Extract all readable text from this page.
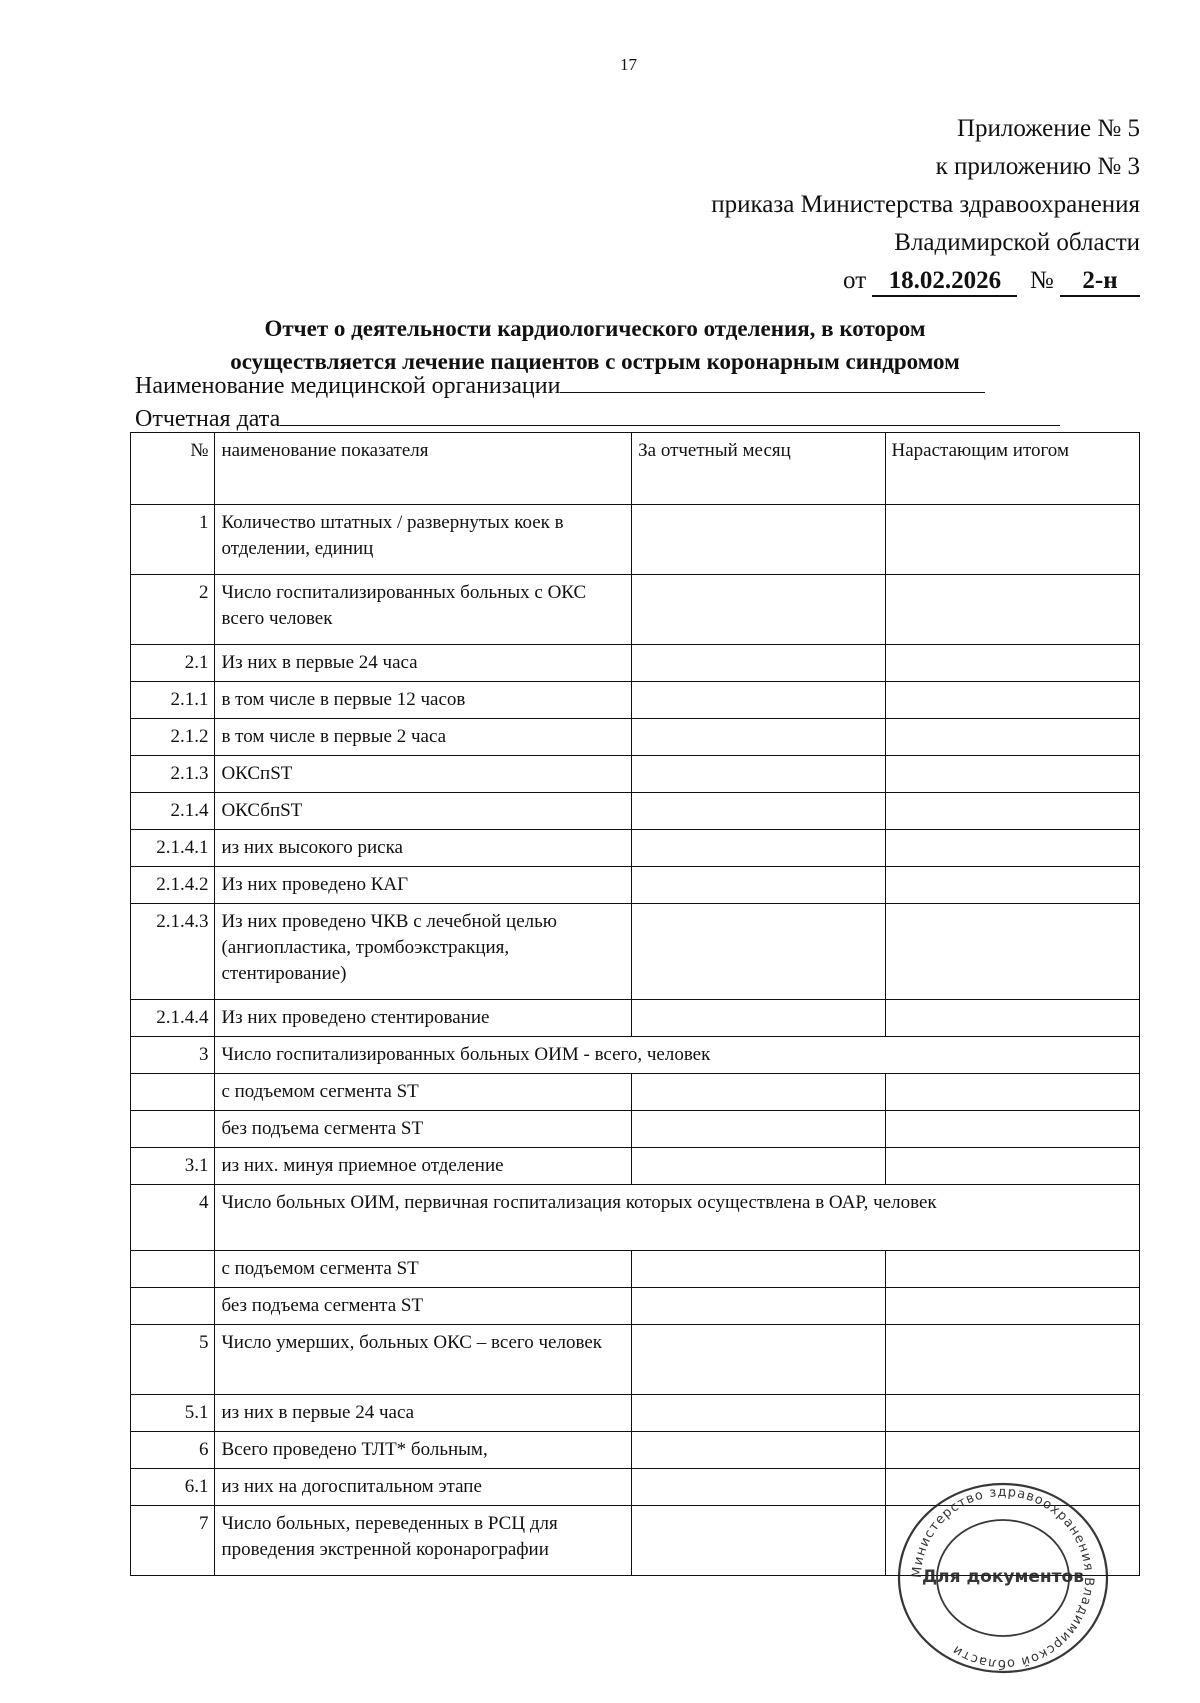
17
Приложение № 5
к приложению № 3
приказа Министерства здравоохранения
Владимирской области
от 18.02.2026 № 2-н
Отчет о деятельности кардиологического отделения, в котором
осуществляется лечение пациентов с острым коронарным синдромом
Наименование медицинской организации
Отчетная дата
№	наименование показателя	За отчетный месяц	Нарастающим итогом
1	Количество штатных / развернутых коек в отделении, единиц		
2	Число госпитализированных больных с ОКС всего человек		
2.1	Из них в первые 24 часа		
2.1.1	в том числе в первые 12 часов		
2.1.2	в том числе в первые 2 часа		
2.1.3	ОКСпST		
2.1.4	ОКСбпST		
2.1.4.1	из них высокого риска		
2.1.4.2	Из них проведено КАГ		
2.1.4.3	Из них проведено ЧКВ с лечебной целью (ангиопластика, тромбоэкстракция, стентирование)		
2.1.4.4	Из них проведено стентирование		
3	Число госпитализированных больных ОИМ - всего, человек		
	с подъемом сегмента ST		
	без подъема сегмента ST		
3.1	из них. минуя приемное отделение		
4	Число больных ОИМ, первичная госпитализация которых осуществлена в ОАР, человек		
	с подъемом сегмента ST		
	без подъема сегмента ST		
5	Число умерших, больных ОКС – всего человек		
5.1	из них в первые 24 часа		
6	Всего проведено ТЛТ* больным,		
6.1	из них на догоспитальном этапе		
7	Число больных, переведенных в РСЦ для проведения экстренной коронарографии		
Министерство здравоохранения Владимирской области
Для документов
